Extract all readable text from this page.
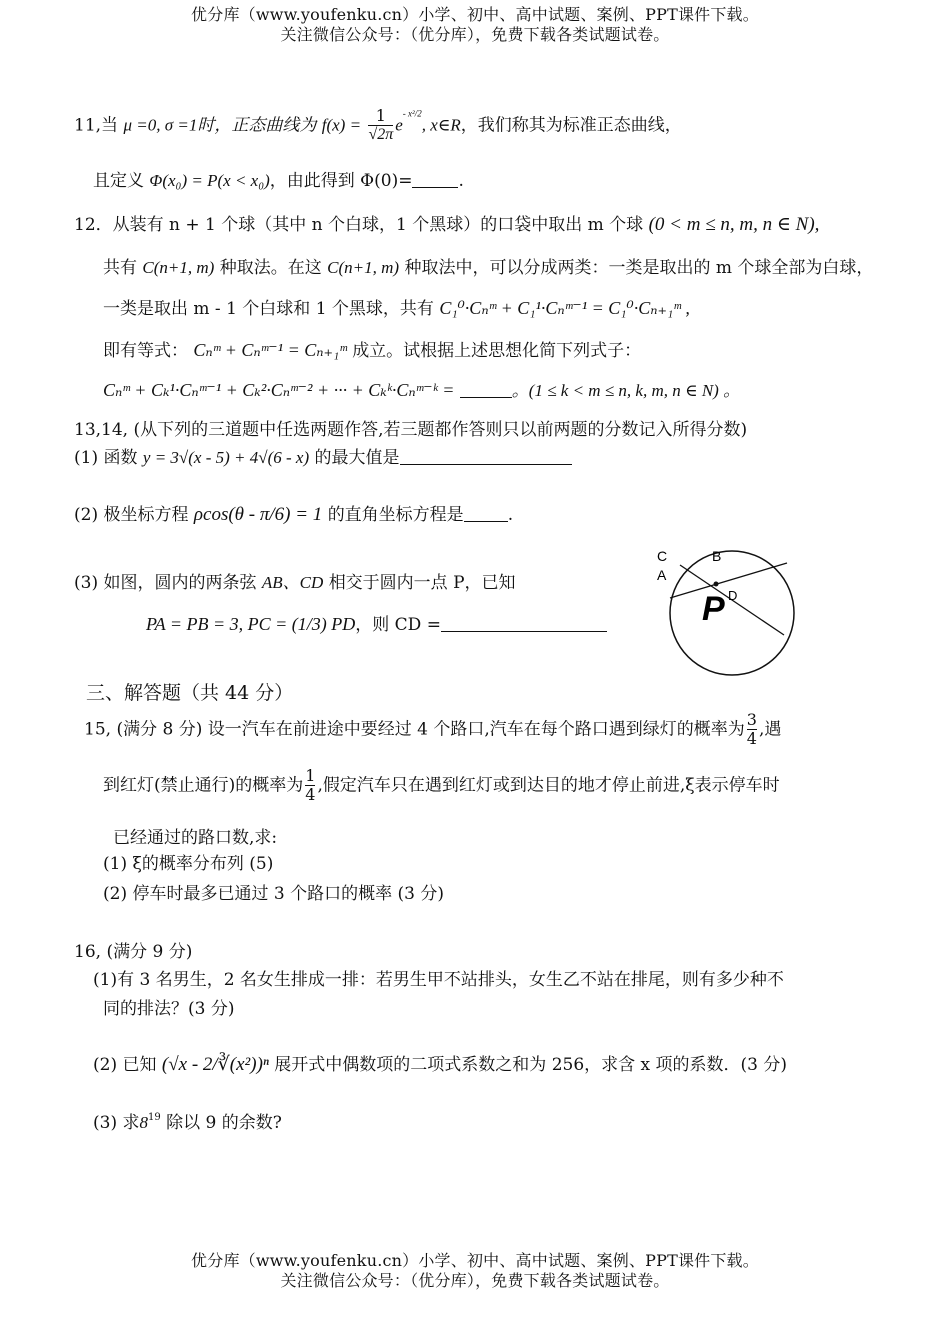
优分库（www.youfenku.cn）小学、初中、高中试题、案例、PPT课件下载。
关注微信公众号：（优分库），免费下载各类试题试卷。
11,当 μ =0, σ =1时，正态曲线为 $f(x) = \frac{1}{√2\pi} e^{- x^2/2}$, x∈R，我们称其为标准正态曲线，
且定义 Φ(x₀) = P(x < x₀)，由此得到 Φ(0)=	.
12．从装有 n + 1 个球（其中 n 个白球，1 个黑球）的口袋中取出 m 个球 (0 < m ≤ n, m, n ∈ N),
共有 C(n+1, m) 种取法。在这 C(n+1, m) 种取法中，可以分成两类：一类是取出的 m 个球全部为白球，
一类是取出 m - 1 个白球和 1 个黑球，共有 C₁⁰·Cₙᵐ + C₁¹·Cₙᵐ⁻¹ = C₁⁰·Cₙ₊₁ᵐ ,
即有等式： Cₙᵐ + Cₙᵐ⁻¹ = Cₙ₊₁ᵐ 成立。试根据上述思想化简下列式子：
Cₙᵐ + Cₖ¹·Cₙᵐ⁻¹ + Cₖ²·Cₙᵐ⁻² + ··· + Cₖᵏ·Cₙᵐ⁻ᵏ =	。(1 ≤ k < m ≤ n, k, m, n ∈ N) 。
13,14, (从下列的三道题中任选两题作答,若三题都作答则只以前两题的分数记入所得分数)
(1) 函数 y = 3√(x - 5) + 4√(6 - x) 的最大值是
(2) 极坐标方程 ρcos(θ - π/6) = 1 的直角坐标方程是	.
(3) 如图，圆内的两条弦 AB、CD 相交于圆内一点 P，已知
PA = PB = 3, PC = (1/3) PD，则 CD =
C
A
B
D
P
三、解答题（共 44 分）
15, (满分 8 分) 设一汽车在前进途中要经过 4 个路口,汽车在每个路口遇到绿灯的概率为 $\frac{3}{4}$ ,遇
到红灯(禁止通行)的概率为 $\frac{1}{4}$ ,假定汽车只在遇到红灯或到达目的地才停止前进,ξ表示停车时
已经通过的路口数,求:
(1) ξ的概率分布列 (5)
(2) 停车时最多已通过 3 个路口的概率 (3 分)
16, (满分 9 分)
(1)有 3 名男生，2 名女生排成一排：若男生甲不站排头，女生乙不站在排尾，则有多少种不
同的排法？(3 分)
(2) 已知 (√x - 2/∛(x²))ⁿ 展开式中偶数项的二项式系数之和为 256，求含 x 项的系数．(3 分)
(3) 求$8^{19}$ 除以 9 的余数?
优分库（www.youfenku.cn）小学、初中、高中试题、案例、PPT课件下载。
关注微信公众号：（优分库），免费下载各类试题试卷。
